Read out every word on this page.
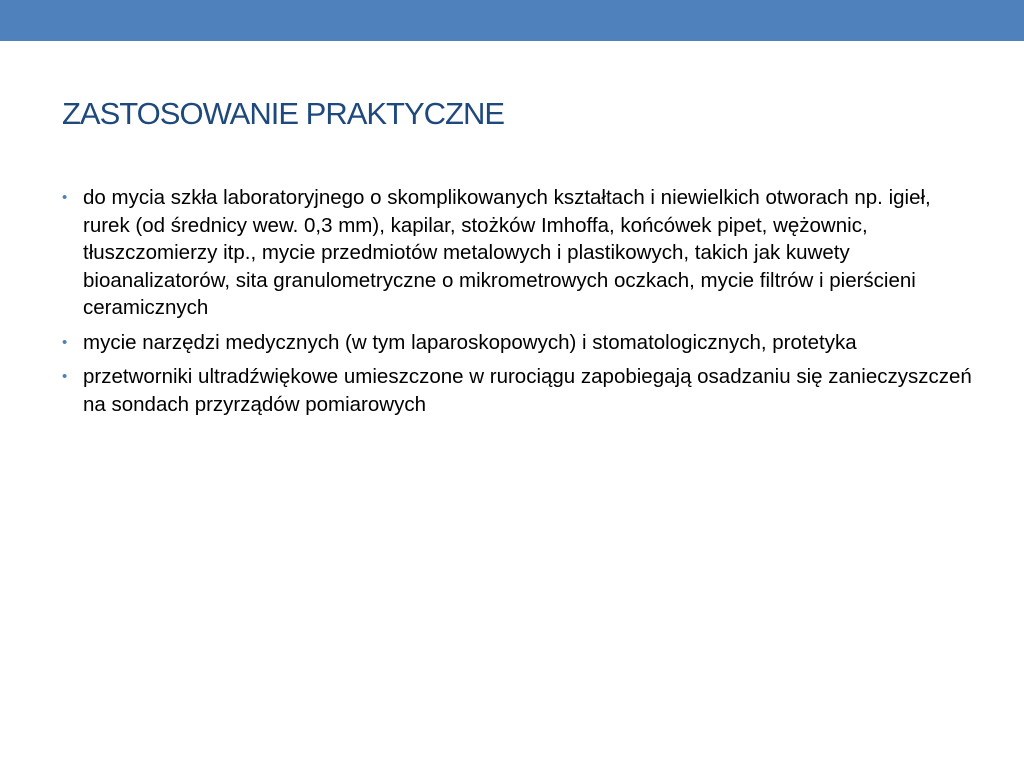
ZASTOSOWANIE PRAKTYCZNE
• do mycia szkła laboratoryjnego o skomplikowanych kształtach i niewielkich otworach np. igieł, rurek (od średnicy wew. 0,3 mm), kapilar, stożków Imhoffa, końcówek pipet, wężownic, tłuszczomierzy itp., mycie przedmiotów metalowych i plastikowych, takich jak kuwety bioanalizatorów, sita granulometryczne o mikrometrowych oczkach, mycie filtrów i pierścieni ceramicznych
• mycie narzędzi medycznych (w tym laparoskopowych) i stomatologicznych, protetyka
• przetworniki ultradźwiękowe umieszczone w rurociągu zapobiegają osadzaniu się zanieczyszczeń na sondach przyrządów pomiarowych
